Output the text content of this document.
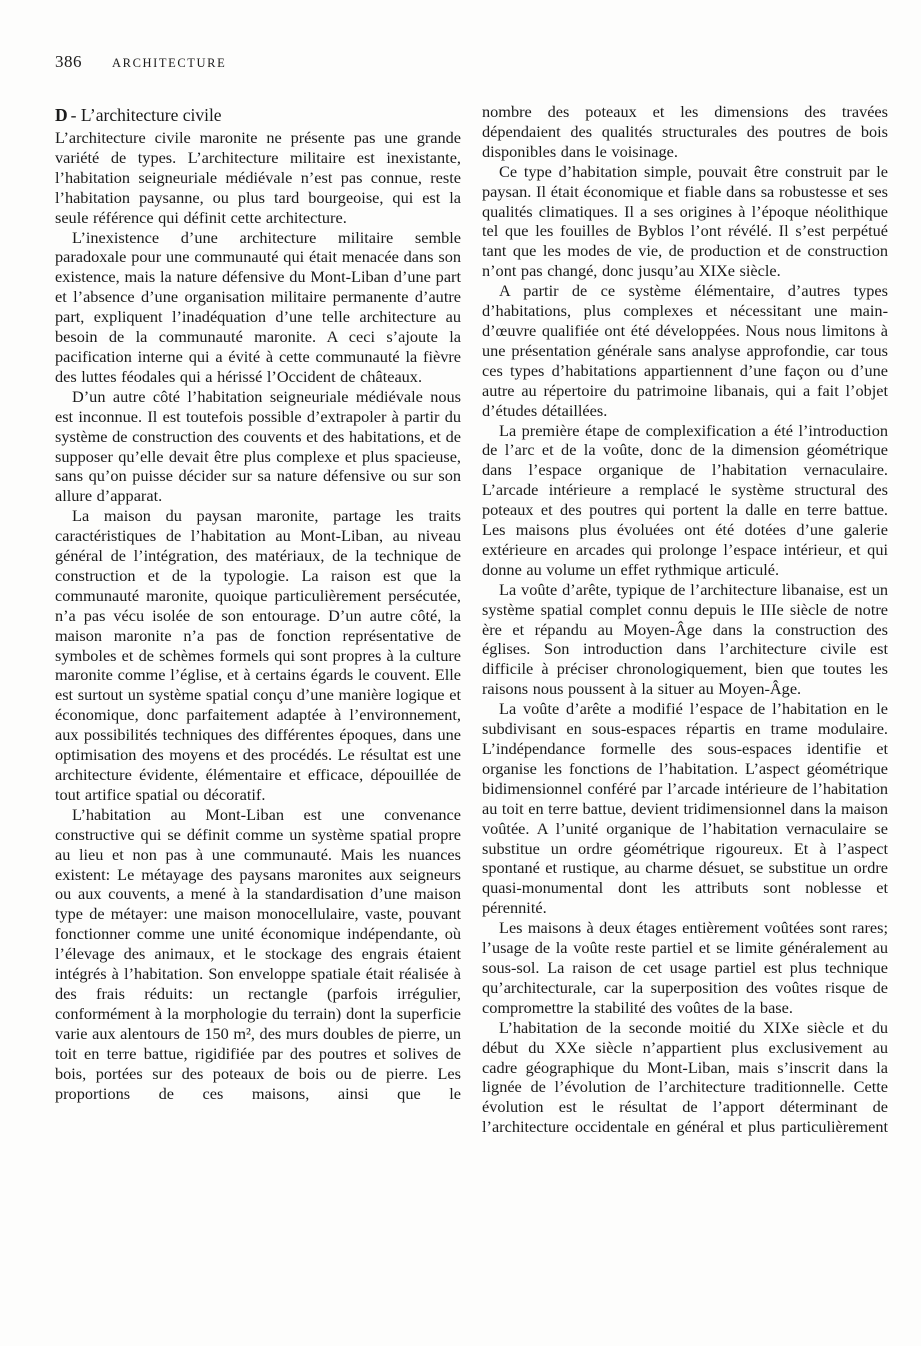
386 ARCHITECTURE
D - L’architecture civile

L’architecture civile maronite ne présente pas une grande variété de types. L’architecture militaire est inexistante, l’habitation seigneuriale médiévale n’est pas connue, reste l’habitation paysanne, ou plus tard bourgeoise, qui est la seule référence qui définit cette architecture.

L’inexistence d’une architecture militaire semble paradoxale pour une communauté qui était menacée dans son existence, mais la nature défensive du Mont-Liban d’une part et l’absence d’une organisation militaire permanente d’autre part, expliquent l’inadéquation d’une telle architecture au besoin de la communauté maronite. A ceci s’ajoute la pacification interne qui a évité à cette communauté la fièvre des luttes féodales qui a hérissé l’Occident de châteaux.

D’un autre côté l’habitation seigneuriale médiévale nous est inconnue. Il est toutefois possible d’extrapoler à partir du système de construction des couvents et des habitations, et de supposer qu’elle devait être plus complexe et plus spacieuse, sans qu’on puisse décider sur sa nature défensive ou sur son allure d’apparat.

La maison du paysan maronite, partage les traits caractéristiques de l’habitation au Mont-Liban, au niveau général de l’intégration, des matériaux, de la technique de construction et de la typologie. La raison est que la communauté maronite, quoique particulièrement persécutée, n’a pas vécu isolée de son entourage. D’un autre côté, la maison maronite n’a pas de fonction représentative de symboles et de schèmes formels qui sont propres à la culture maronite comme l’église, et à certains égards le couvent. Elle est surtout un système spatial conçu d’une manière logique et économique, donc parfaitement adaptée à l’environnement, aux possibilités techniques des différentes époques, dans une optimisation des moyens et des procédés. Le résultat est une architecture évidente, élémentaire et efficace, dépouillée de tout artifice spatial ou décoratif.

L’habitation au Mont-Liban est une convenance constructive qui se définit comme un système spatial propre au lieu et non pas à une communauté. Mais les nuances existent: Le métayage des paysans maronites aux seigneurs ou aux couvents, a mené à la standardisation d’une maison type de métayer: une maison monocellulaire, vaste, pouvant fonctionner comme une unité économique indépendante, où l’élevage des animaux, et le stockage des engrais étaient intégrés à l’habitation. Son enveloppe spatiale était réalisée à des frais réduits: un rectangle (parfois irrégulier, conformément à la morphologie du terrain) dont la superficie varie aux alentours de 150 m², des murs doubles de pierre, un toit en terre battue, rigidifiée par des poutres et solives de bois, portées sur des poteaux de bois ou de pierre. Les proportions de ces maisons, ainsi que le

nombre des poteaux et les dimensions des travées dépendaient des qualités structurales des poutres de bois disponibles dans le voisinage.

Ce type d’habitation simple, pouvait être construit par le paysan. Il était économique et fiable dans sa robustesse et ses qualités climatiques. Il a ses origines à l’époque néolithique tel que les fouilles de Byblos l’ont révélé. Il s’est perpétué tant que les modes de vie, de production et de construction n’ont pas changé, donc jusqu’au XIXe siècle.

A partir de ce système élémentaire, d’autres types d’habitations, plus complexes et nécessitant une main-d’œuvre qualifiée ont été développées. Nous nous limitons à une présentation générale sans analyse approfondie, car tous ces types d’habitations appartiennent d’une façon ou d’une autre au répertoire du patrimoine libanais, qui a fait l’objet d’études détaillées.

La première étape de complexification a été l’introduction de l’arc et de la voûte, donc de la dimension géométrique dans l’espace organique de l’habitation vernaculaire. L’arcade intérieure a remplacé le système structural des poteaux et des poutres qui portent la dalle en terre battue. Les maisons plus évoluées ont été dotées d’une galerie extérieure en arcades qui prolonge l’espace intérieur, et qui donne au volume un effet rythmique articulé.

La voûte d’arête, typique de l’architecture libanaise, est un système spatial complet connu depuis le IIIe siècle de notre ère et répandu au Moyen-Âge dans la construction des églises. Son introduction dans l’architecture civile est difficile à préciser chronologiquement, bien que toutes les raisons nous poussent à la situer au Moyen-Âge.

La voûte d’arête a modifié l’espace de l’habitation en le subdivisant en sous-espaces répartis en trame modulaire. L’indépendance formelle des sous-espaces identifie et organise les fonctions de l’habitation. L’aspect géométrique bidimensionnel conféré par l’arcade intérieure de l’habitation au toit en terre battue, devient tridimensionnel dans la maison voûtée. A l’unité organique de l’habitation vernaculaire se substitue un ordre géométrique rigoureux. Et à l’aspect spontané et rustique, au charme désuet, se substitue un ordre quasi-monumental dont les attributs sont noblesse et pérennité.

Les maisons à deux étages entièrement voûtées sont rares; l’usage de la voûte reste partiel et se limite généralement au sous-sol. La raison de cet usage partiel est plus technique qu’architecturale, car la superposition des voûtes risque de compromettre la stabilité des voûtes de la base.

L’habitation de la seconde moitié du XIXe siècle et du début du XXe siècle n’appartient plus exclusivement au cadre géographique du Mont-Liban, mais s’inscrit dans la lignée de l’évolution de l’architecture traditionnelle. Cette évolution est le résultat de l’apport déterminant de l’architecture occidentale en général et plus particulièrement
